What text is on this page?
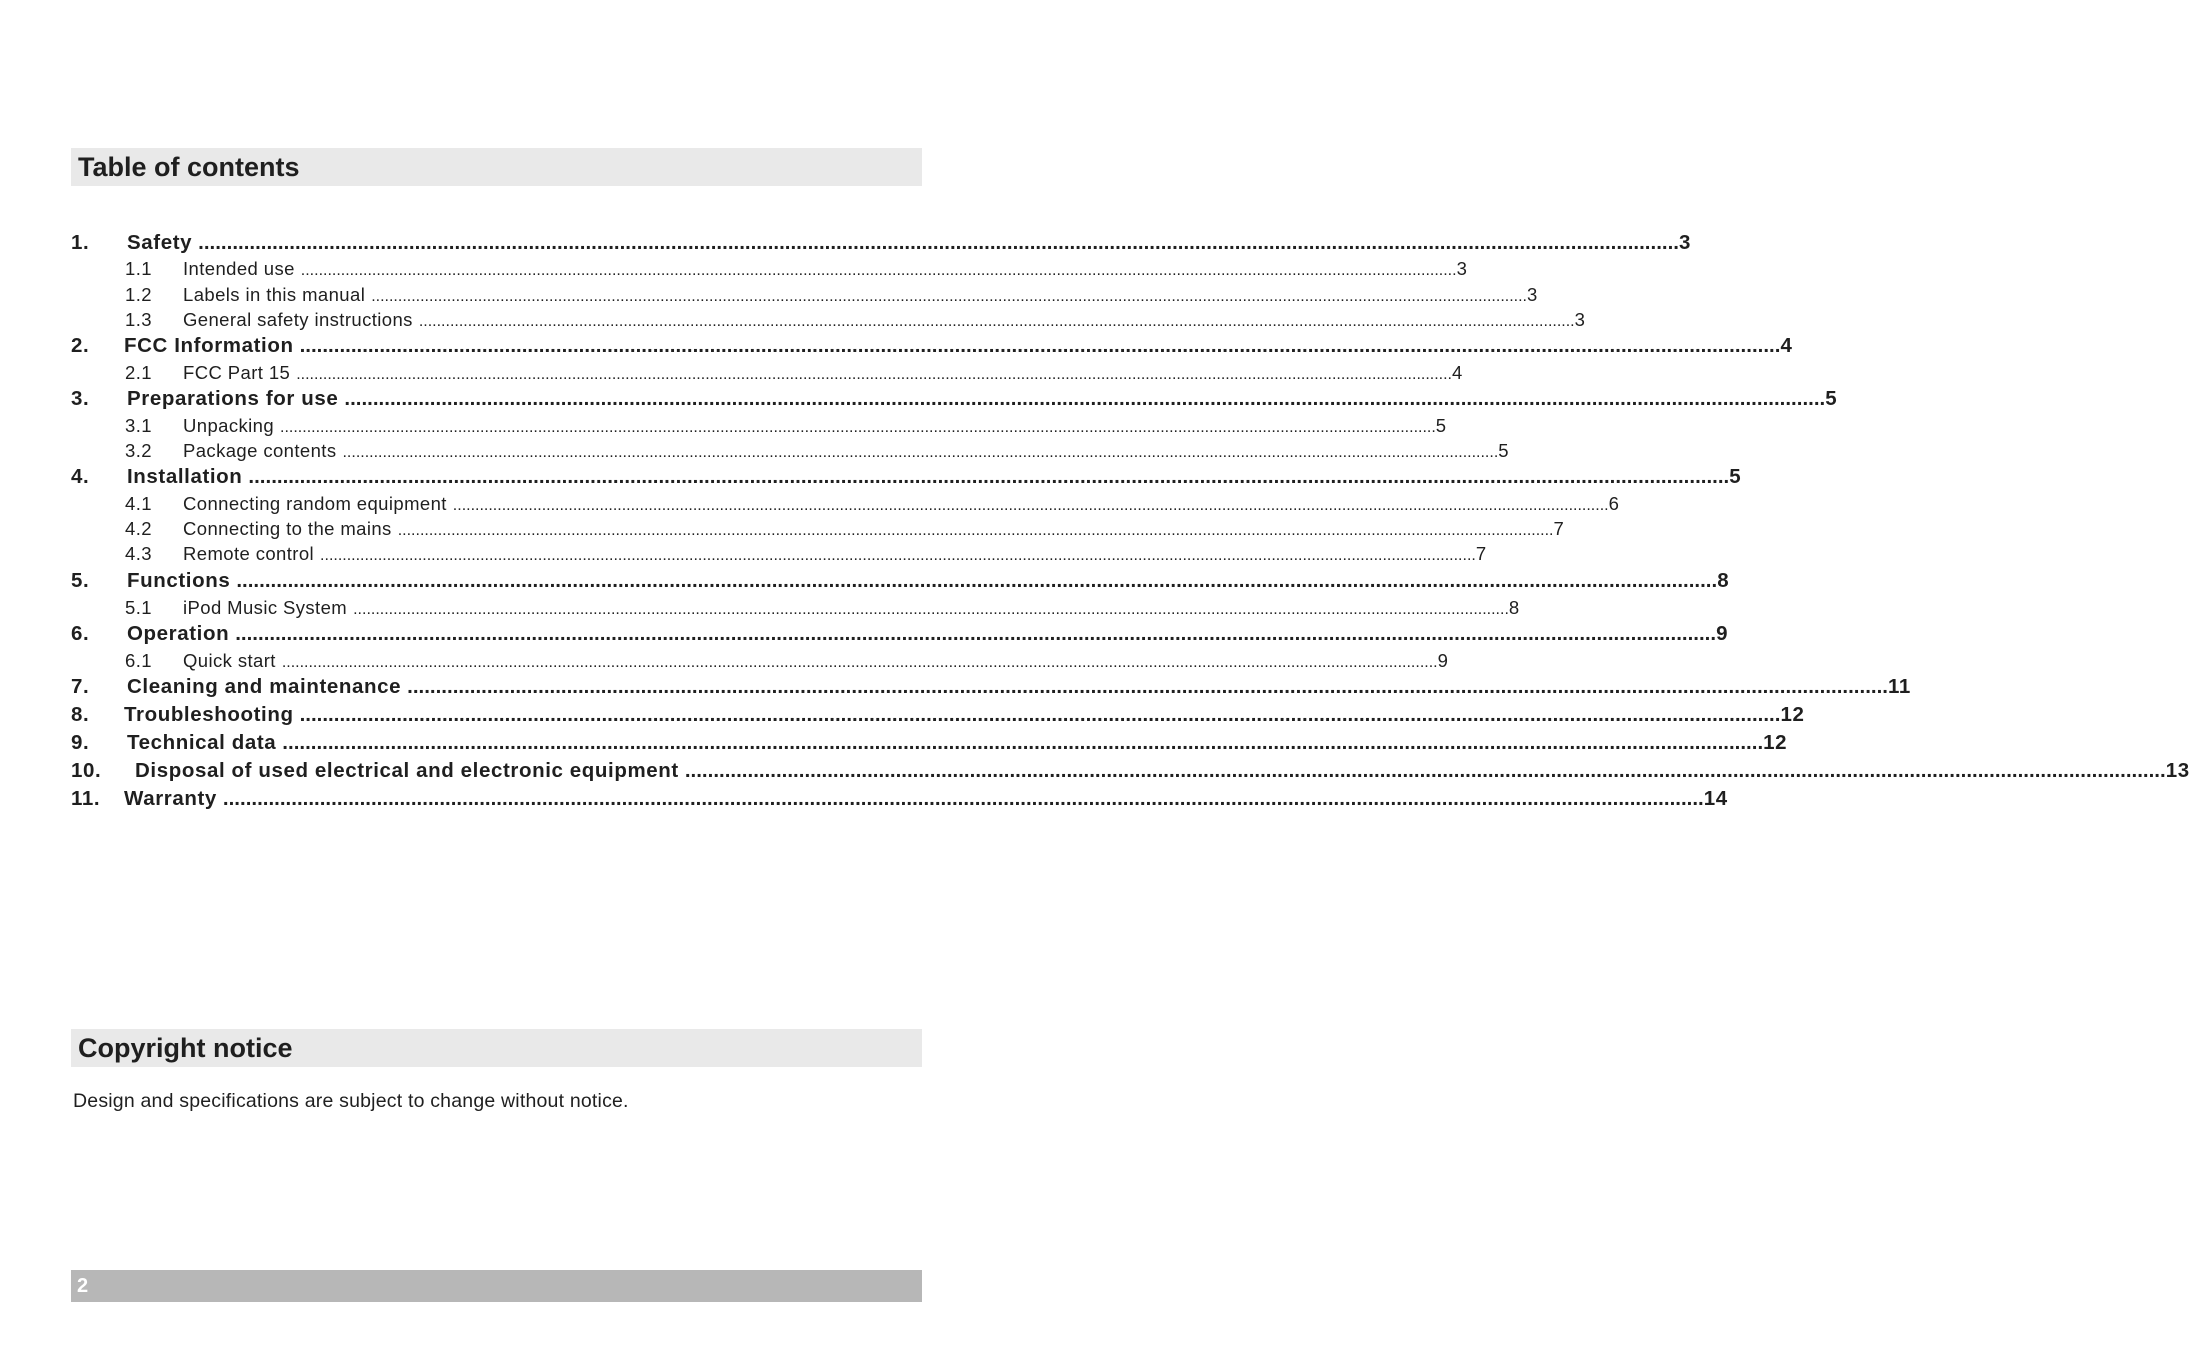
Table of contents
1.	Safety .................................................................................................................................................................................................................................................................... 3
1.1	Intended use .................................................................................................................................................................................................................................................................... 3
1.2	Labels in this manual .................................................................................................................................................................................................................................................................... 3
1.3	General safety instructions .................................................................................................................................................................................................................................................................... 3
2.	FCC Information .................................................................................................................................................................................................................................................................... 4
2.1	FCC Part 15 .................................................................................................................................................................................................................................................................... 4
3.	Preparations for use .................................................................................................................................................................................................................................................................... 5
3.1	Unpacking .................................................................................................................................................................................................................................................................... 5
3.2	Package contents .................................................................................................................................................................................................................................................................... 5
4.	Installation .................................................................................................................................................................................................................................................................... 5
4.1	Connecting random equipment .................................................................................................................................................................................................................................................................... 6
4.2	Connecting to the mains .................................................................................................................................................................................................................................................................... 7
4.3	Remote control .................................................................................................................................................................................................................................................................... 7
5.	Functions .................................................................................................................................................................................................................................................................... 8
5.1	iPod Music System .................................................................................................................................................................................................................................................................... 8
6.	Operation .................................................................................................................................................................................................................................................................... 9
6.1	Quick start .................................................................................................................................................................................................................................................................... 9
7.	Cleaning and maintenance .................................................................................................................................................................................................................................................................... 11
8.	Troubleshooting .................................................................................................................................................................................................................................................................... 12
9.	Technical data .................................................................................................................................................................................................................................................................... 12
10.	Disposal of used electrical and electronic equipment .................................................................................................................................................................................................................................................................... 13
11.	Warranty .................................................................................................................................................................................................................................................................... 14
Copyright notice
Design and specifications are subject to change without notice.
2
